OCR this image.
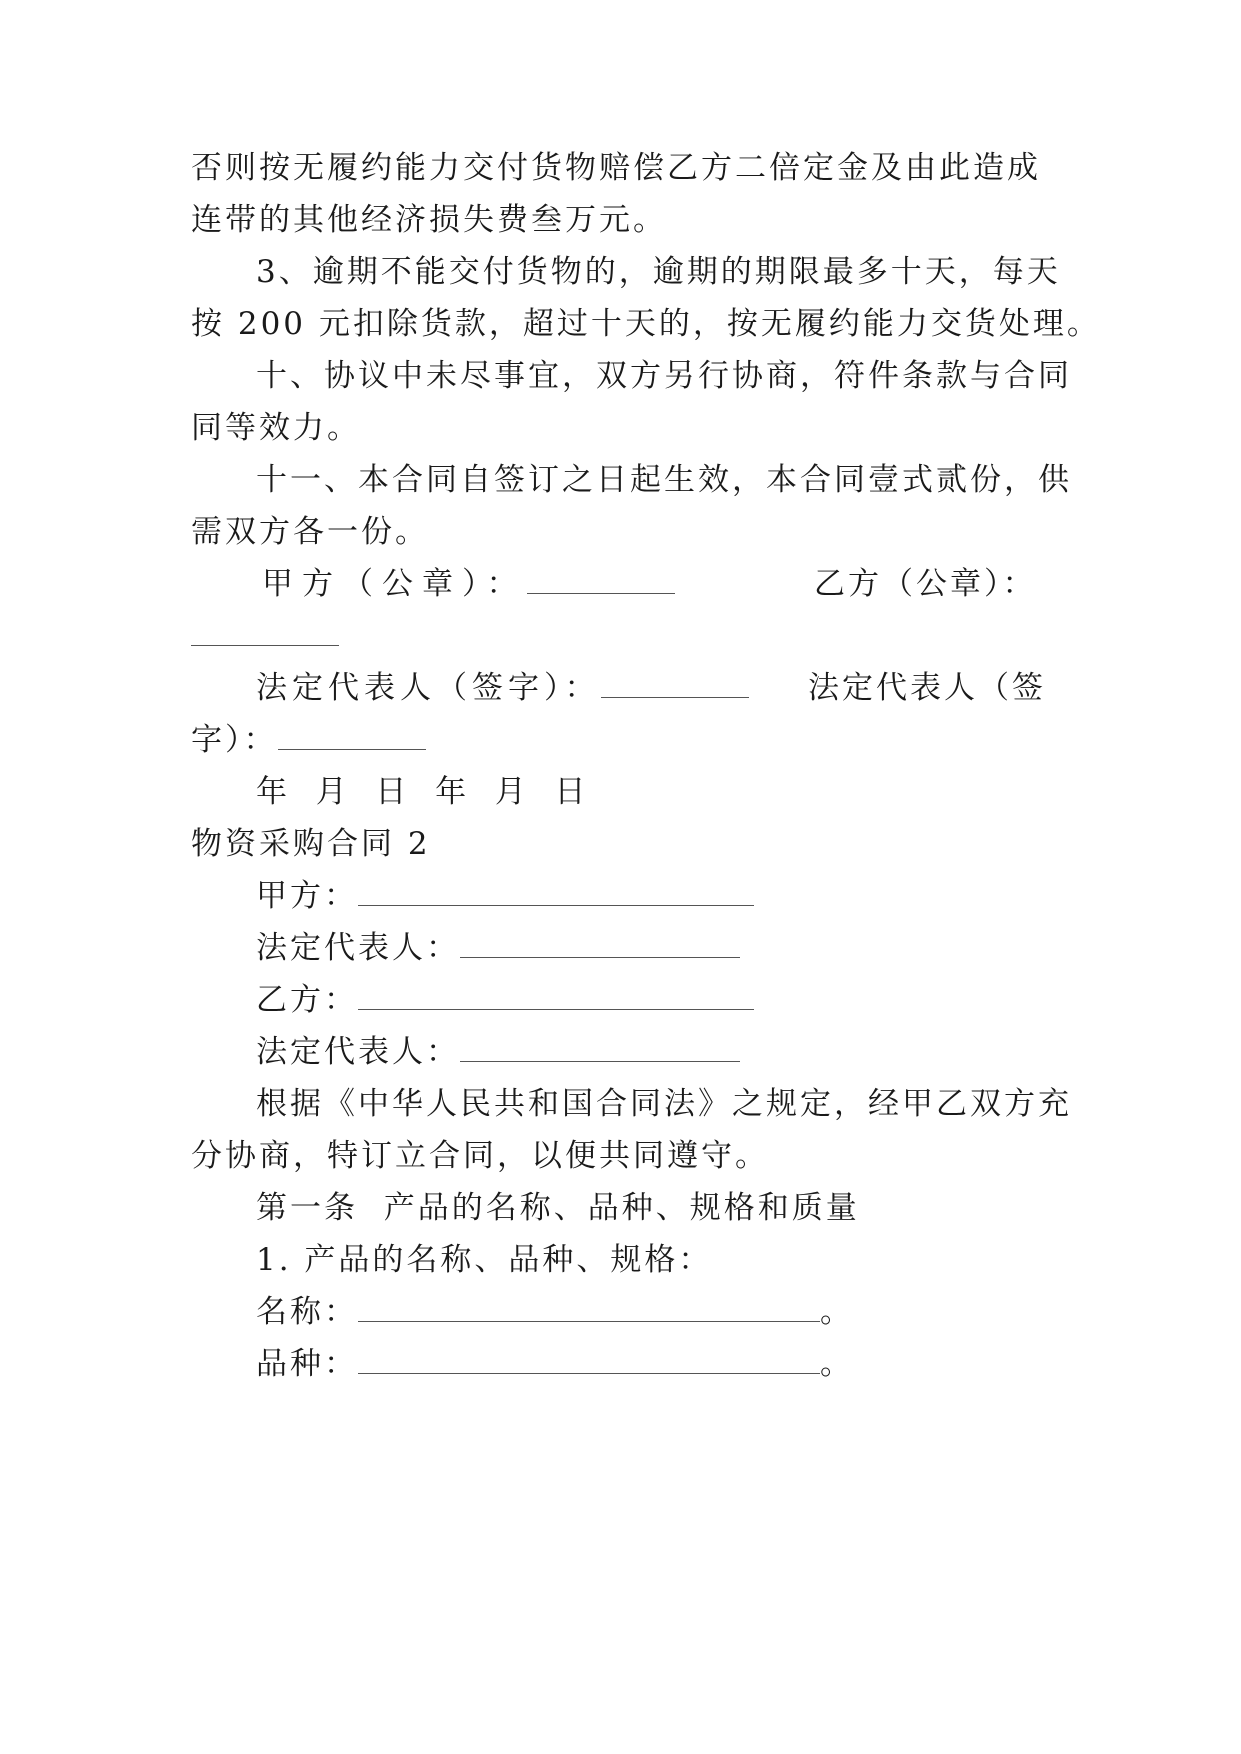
否则按无履约能力交付货物赔偿乙方二倍定金及由此造成
连带的其他经济损失费叁万元。
3、逾期不能交付货物的，逾期的期限最多十天，每天
按 200 元扣除货款，超过十天的，按无履约能力交货处理。
十、协议中未尽事宜，双方另行协商，符件条款与合同
同等效力。
十一、本合同自签订之日起生效，本合同壹式贰份，供
需双方各一份。
甲方（公章）：	乙方（公章）：
法定代表人（签字）：	法定代表人（签
字）：
年  月  日  年  月  日
物资采购合同 2
甲方：
法定代表人：
乙方：
法定代表人：
根据《中华人民共和国合同法》之规定，经甲乙双方充
分协商，特订立合同，以便共同遵守。
第一条  产品的名称、品种、规格和质量
1. 产品的名称、品种、规格：
名称：	。
品种：	。
